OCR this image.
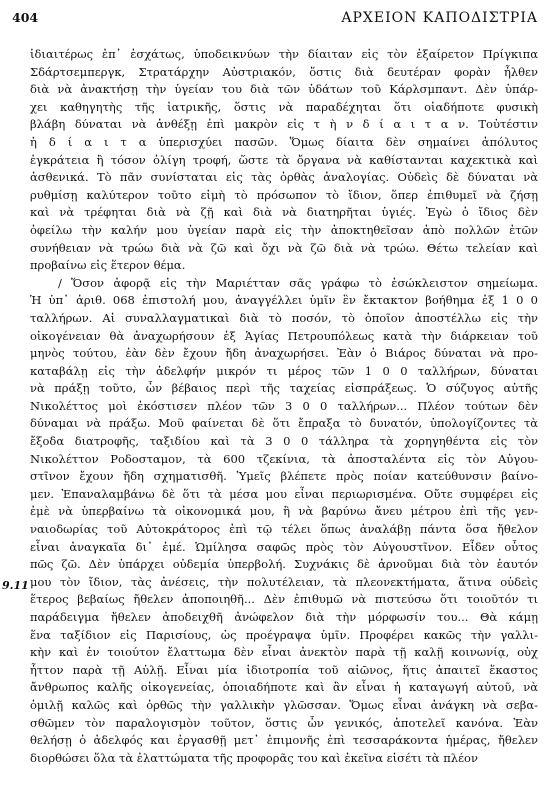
404	ΑΡΧΕΙΟΝ ΚΑΠΟΔΙΣΤΡΙΑ
9.11
ἰδιαιτέρως ἐπ᾽ ἐσχάτως, ὑποδεικνύων τὴν δίαιταν εἰς τὸν ἐξαίρετον Πρίγκιπα
Σδάρτσεμπεργκ, Στρατάρχην Αὐστριακόν, ὅστις διὰ δευτέραν φορὰν ἦλθεν
διὰ νὰ ἀνακτήσῃ τὴν ὑγείαν του διὰ τῶν ὑδάτων τοῦ Κάρλσμπαντ. Δὲν ὑπάρ-
χει καθηγητὴς τῆς ἰατρικῆς, ὅστις νὰ παραδέχηται ὅτι οἱαδήποτε φυσικὴ
βλάβη δύναται νὰ ἀνθέξῃ ἐπὶ μακρὸν εἰς τ ὴ ν δ ί α ι τ α ν. Τοὐτέστιν
ἡ δ ί α ι τ α ὑπερισχύει πασῶν. Ὅμως δίαιτα δὲν σημαίνει ἀπόλυτος
ἐγκράτεια ἢ τόσον ὀλίγη τροφή, ὥστε τὰ ὄργανα νὰ καθίστανται καχεκτικὰ καὶ
ἀσθενικά. Τὸ πᾶν συνίσταται εἰς τὰς ὀρθὰς ἀναλογίας. Οὐδεὶς δὲ δύναται νὰ
ρυθμίσῃ καλύτερον τοῦτο εἰμὴ τὸ πρόσωπον τὸ ἴδιον, ὅπερ ἐπιθυμεῖ νὰ ζήσῃ
καὶ νὰ τρέφηται διὰ νὰ ζῇ καὶ διὰ νὰ διατηρῆται ὑγιές. Ἐγὼ ὁ ἴδιος δὲν
ὀφείλω τὴν καλήν μου ὑγείαν παρὰ εἰς τὴν ἀποκτηθεῖσαν ἀπὸ πολλῶν ἐτῶν
συνήθειαν νὰ τρώω διὰ νὰ ζῶ καὶ ὄχι νὰ ζῶ διὰ νὰ τρώω. Θέτω τελείαν καὶ
προβαίνω εἰς ἕτερον θέμα.
/ Ὅσον ἀφορᾷ εἰς τὴν Μαριέτταν σᾶς γράφω τὸ ἐσώκλειστον σημείωμα.
Ἡ ὑπ᾽ ἀριθ. 068 ἐπιστολή μου, ἀναγγέλλει ὑμῖν ἓν ἔκτακτον βοήθημα ἐξ 1 0 0
ταλλήρων. Αἱ συναλλαγματικαὶ διὰ τὸ ποσόν, τὸ ὁποῖον ἀποστέλλω εἰς τὴν
οἰκογένειαν θὰ ἀναχωρήσουν ἐξ Ἁγίας Πετρουπόλεως κατὰ τὴν διάρκειαν τοῦ
μηνὸς τούτου, ἐὰν δὲν ἔχουν ἤδη ἀναχωρήσει. Ἐὰν ὁ Βιάρος δύναται νὰ προ-
καταβάλῃ εἰς τὴν ἀδελφήν μικρόν τι μέρος τῶν 1 0 0 ταλλήρων, δύναται
νὰ πράξῃ τοῦτο, ὦν βέβαιος περὶ τῆς ταχείας εἰσπράξεως. Ὁ σύζυγος αὐτῆς
Νικολέττος μοὶ ἐκόστισεν πλέον τῶν 3 0 0 ταλλήρων... Πλέον τούτων δὲν
δύναμαι νὰ πράξω. Μοῦ φαίνεται δὲ ὅτι ἔπραξα τὸ δυνατόν, ὑπολογίζοντες τὰ
ἔξοδα διατροφῆς, ταξιδίου καὶ τὰ 3 0 0 τάλληρα τὰ χορηγηθέντα εἰς τὸν
Νικολέττον Ροδοσταμον, τὰ 600 τζεκίνια, τὰ ἀποσταλέντα εἰς τὸν Αὐγου-
στῖνον ἔχουν ἤδη σχηματισθῆ. Ὑμεῖς βλέπετε πρὸς ποίαν κατεύθυνσιν βαίνο-
μεν. Ἐπαναλαμβάνω δὲ ὅτι τὰ μέσα μου εἶναι περιωρισμένα. Οὔτε συμφέρει εἰς
ἐμὲ νὰ ὑπερβαίνω τὰ οἰκονομικά μου, ἢ νὰ βαρύνω ἄνευ μέτρου ἐπὶ τῆς γεν-
ναιοδωρίας τοῦ Αὐτοκράτορος ἐπὶ τῷ τέλει ὅπως ἀναλάβῃ πάντα ὅσα ἤθελον
εἶναι ἀναγκαῖα δι᾽ ἐμέ. Ὡμίλησα σαφῶς πρὸς τὸν Αὐγουστῖνον. Εἶδεν οὗτος
πῶς ζῶ. Δὲν ὑπάρχει οὐδεμία ὑπερβολή. Συχνάκις δὲ ἀρνοῦμαι διὰ τὸν ἑαυτόν
μου τὸν ἴδιον, τὰς ἀνέσεις, τὴν πολυτέλειαν, τὰ πλεονεκτήματα, ἅτινα οὐδεὶς
ἕτερος βεβαίως ἤθελεν ἀποποιηθῆ... Δὲν ἐπιθυμῶ νὰ πιστεύσω ὅτι τοιοῦτόν τι
παράδειγμα ἤθελεν ἀποδειχθῆ ἀνώφελον διὰ τὴν μόρφωσίν του... Θὰ κάμῃ
ἕνα ταξίδιον εἰς Παρισίους, ὡς προέγραψα ὑμῖν. Προφέρει κακῶς τὴν γαλλι-
κὴν καὶ ἐν τοιούτον ἔλαττωμα δὲν εἶναι ἀνεκτὸν παρὰ τῇ καλῇ κοινωνίᾳ, οὐχ
ἧττον παρὰ τῇ Αὐλῇ. Εἶναι μία ἰδιοτροπία τοῦ αἰῶνος, ἥτις ἀπαιτεῖ ἕκαστος
ἄνθρωπος καλῆς οἰκογενείας, ὁποιαδήποτε καὶ ἂν εἶναι ἡ καταγωγή αὐτοῦ, νὰ
ὁμιλῇ καλῶς καὶ ὀρθῶς τὴν γαλλικὴν γλῶσσαν. Ὅμως εἶναι ἀνάγκη νὰ σεβα-
σθῶμεν τὸν παραλογισμὸν τοῦτον, ὅστις ὦν γενικός, ἀποτελεῖ κανόνα. Ἐὰν
θελήσῃ ὁ ἀδελφός και ἐργασθῇ μετ᾽ ἐπιμονῆς ἐπὶ τεσσαράκοντα ἡμέρας, ἤθελεν
διορθώσει ὅλα τὰ ἐλαττώματα τῆς προφορᾶς του καὶ ἐκεῖνα εἰσέτι τὰ πλέον
